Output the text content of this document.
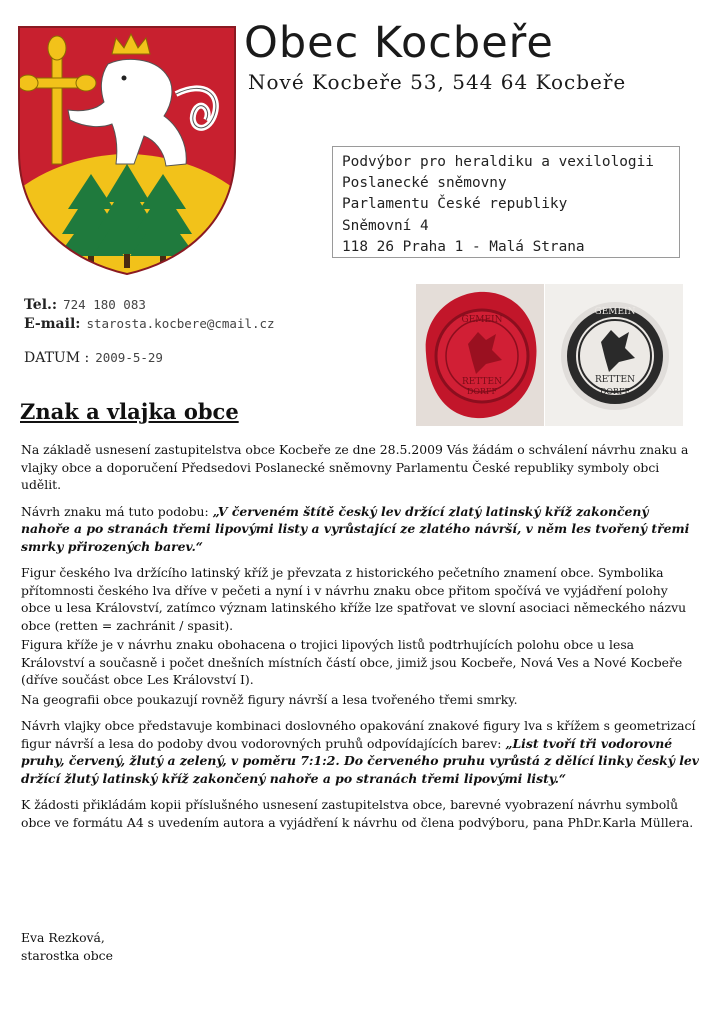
Obec Kocbeře
Nové Kocbeře 53, 544 64 Kocbeře
Podvýbor pro heraldiku a vexilologii
Poslanecké sněmovny
Parlamentu České republiky
Sněmovní 4
118 26 Praha 1 - Malá Strana
Tel.: 724 180 083
E-mail: starosta.kocbere@cmail.cz
DATUM : 2009-5-29
GEMEIN
RETTEN
DORFF
GEMEIN
RETTEN
DORFF
Znak a vlajka obce

Na základě usnesení zastupitelstva obce Kocbeře ze dne 28.5.2009 Vás žádám o schválení návrhu znaku a vlajky obce a doporučení Předsedovi Poslanecké sněmovny Parlamentu České republiky symboly obci udělit.

Návrh znaku má tuto podobu: „V červeném štítě český lev držící zlatý latinský kříž zakončený nahoře a po stranách třemi lipovými listy a vyrůstající ze zlatého návrší, v něm les tvořený třemi smrky přirozených barev.“

Figur českého lva držícího latinský kříž je převzata z historického pečetního znamení obce. Symbolika přítomnosti českého lva dříve v pečeti a nyní i v návrhu znaku obce přitom spočívá ve vyjádření polohy obce u lesa Království, zatímco význam latinského kříže lze spatřovat ve slovní asociaci německého názvu obce (retten = zachránit / spasit).

Figura kříže je v návrhu znaku obohacena o trojici lipových listů podtrhujících polohu obce u lesa Království a současně i počet dnešních místních částí obce, jimiž jsou Kocbeře, Nová Ves a Nové Kocbeře (dříve součást obce Les Království I).

Na geografii obce poukazují rovněž figury návrší a lesa tvořeného třemi smrky.

Návrh vlajky obce představuje kombinaci doslovného opakování znakové figury lva s křížem s geometrizací figur návrší a lesa do podoby dvou vodorovných pruhů odpovídajících barev: „List tvoří tři vodorovné pruhy, červený, žlutý a zelený, v poměru 7:1:2. Do červeného pruhu vyrůstá z dělící linky český lev držící žlutý latinský kříž zakončený nahoře a po stranách třemi lipovými listy.“

K žádosti přikládám kopii příslušného usnesení zastupitelstva obce, barevné vyobrazení návrhu symbolů obce ve formátu A4 s uvedením autora a vyjádření k návrhu od člena podvýboru, pana PhDr.Karla Müllera.

Eva Rezková,
starostka obce
